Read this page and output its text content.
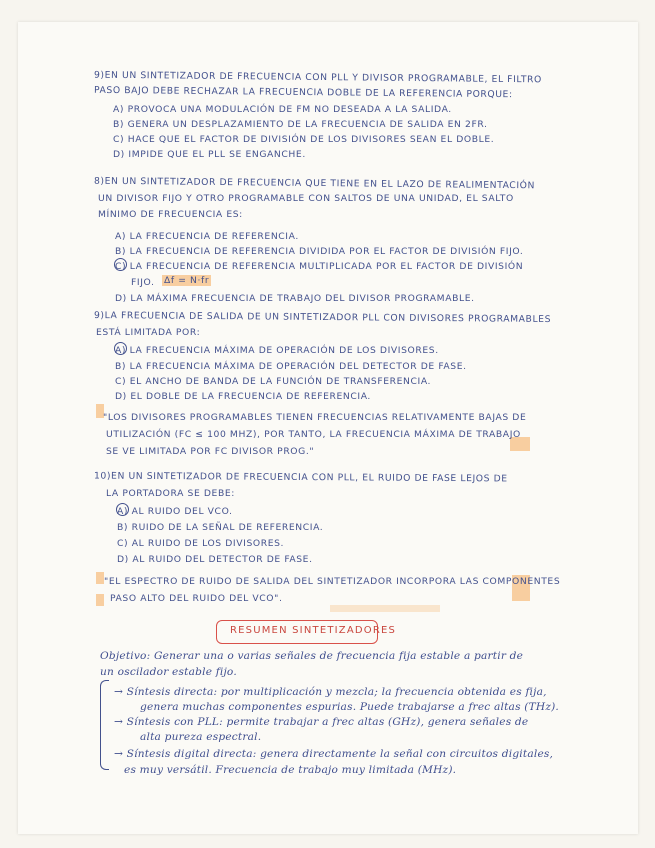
9)EN UN SINTETIZADOR DE FRECUENCIA CON PLL Y DIVISOR PROGRAMABLE, EL FILTRO
PASO BAJO DEBE RECHAZAR LA FRECUENCIA DOBLE DE LA REFERENCIA PORQUE:
A) PROVOCA UNA MODULACIÓN DE FM NO DESEADA A LA SALIDA.
B) GENERA UN DESPLAZAMIENTO DE LA FRECUENCIA DE SALIDA EN 2FR.
C) HACE QUE EL FACTOR DE DIVISIÓN DE LOS DIVISORES SEAN EL DOBLE.
D) IMPIDE QUE EL PLL SE ENGANCHE.
8)EN UN SINTETIZADOR DE FRECUENCIA QUE TIENE EN EL LAZO DE REALIMENTACIÓN
UN DIVISOR FIJO Y OTRO PROGRAMABLE CON SALTOS DE UNA UNIDAD, EL SALTO
MÍNIMO DE FRECUENCIA ES:
A) LA FRECUENCIA DE REFERENCIA.
B) LA FRECUENCIA DE REFERENCIA DIVIDIDA POR EL FACTOR DE DIVISIÓN FIJO.
C) LA FRECUENCIA DE REFERENCIA MULTIPLICADA POR EL FACTOR DE DIVISIÓN
FIJO. Δf = N·fr
D) LA MÁXIMA FRECUENCIA DE TRABAJO DEL DIVISOR PROGRAMABLE.
9)LA FRECUENCIA DE SALIDA DE UN SINTETIZADOR PLL CON DIVISORES PROGRAMABLES
ESTÁ LIMITADA POR:
A) LA FRECUENCIA MÁXIMA DE OPERACIÓN DE LOS DIVISORES.
B) LA FRECUENCIA MÁXIMA DE OPERACIÓN DEL DETECTOR DE FASE.
C) EL ANCHO DE BANDA DE LA FUNCIÓN DE TRANSFERENCIA.
D) EL DOBLE DE LA FRECUENCIA DE REFERENCIA.
"LOS DIVISORES PROGRAMABLES TIENEN FRECUENCIAS RELATIVAMENTE BAJAS DE
UTILIZACIÓN (FC ≤ 100 MHZ), POR TANTO, LA FRECUENCIA MÁXIMA DE TRABAJO
SE VE LIMITADA POR FC DIVISOR PROG."
10)EN UN SINTETIZADOR DE FRECUENCIA CON PLL, EL RUIDO DE FASE LEJOS DE
LA PORTADORA SE DEBE:
A) AL RUIDO DEL VCO.
B) RUIDO DE LA SEÑAL DE REFERENCIA.
C) AL RUIDO DE LOS DIVISORES.
D) AL RUIDO DEL DETECTOR DE FASE.
"EL ESPECTRO DE RUIDO DE SALIDA DEL SINTETIZADOR INCORPORA LAS COMPONENTES
PASO ALTO DEL RUIDO DEL VCO".
RESUMEN SINTETIZADORES
Objetivo: Generar una o varias señales de frecuencia fija estable a partir de
un oscilador estable fijo.
→ Síntesis directa: por multiplicación y mezcla; la frecuencia obtenida es fija,
genera muchas componentes espurias. Puede trabajarse a frec altas (THz).
→ Síntesis con PLL: permite trabajar a frec altas (GHz), genera señales de
alta pureza espectral.
→ Síntesis digital directa: genera directamente la señal con circuitos digitales,
es muy versátil. Frecuencia de trabajo muy limitada (MHz).
